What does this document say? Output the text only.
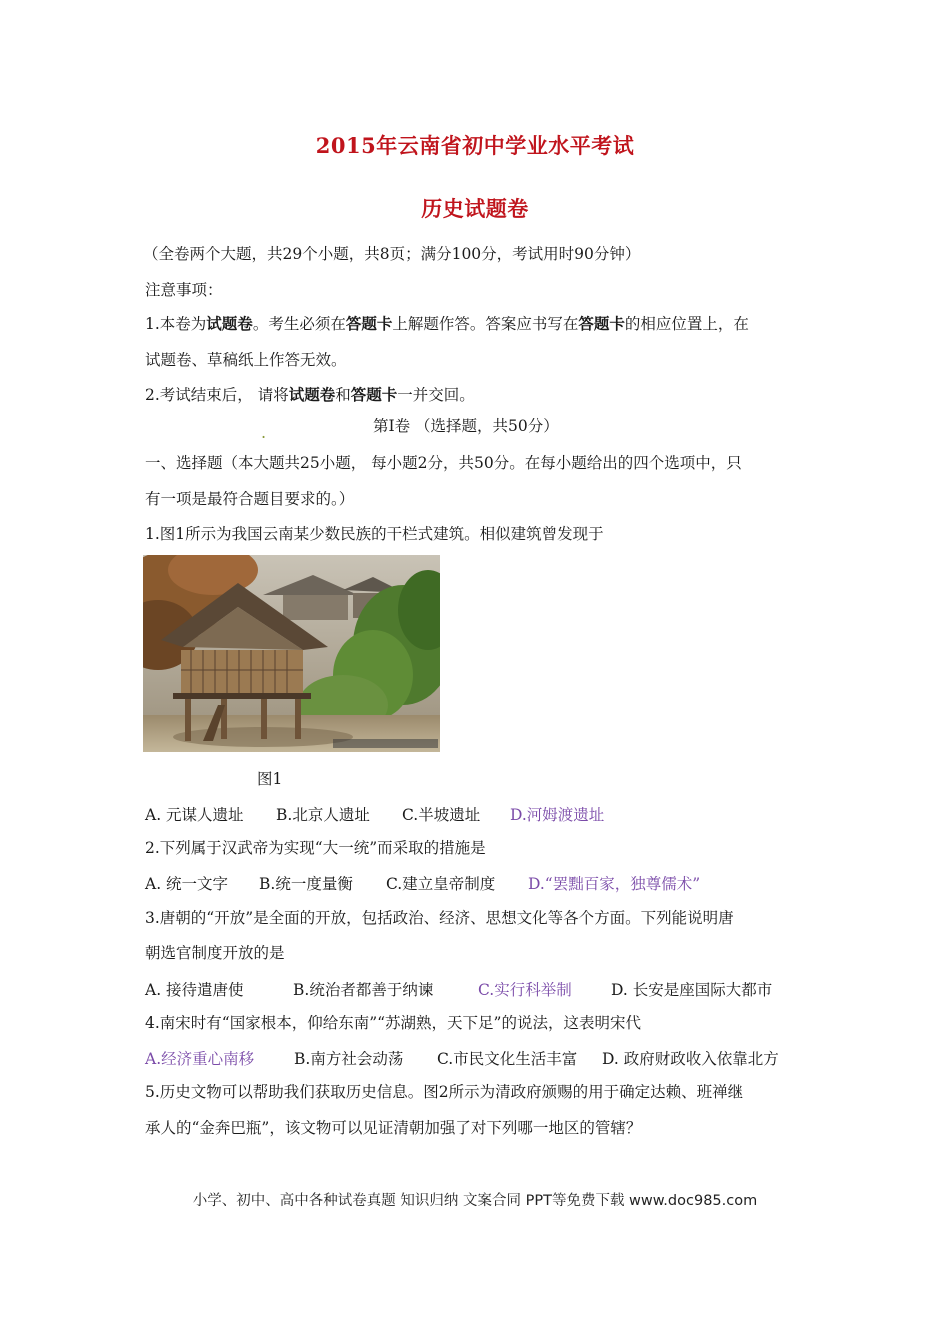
2015年云南省初中学业水平考试
历史试题卷
（全卷两个大题，共29个小题，共8页；满分100分，考试用时90分钟）
注意事项：
1.本卷为试题卷。考生必须在答题卡上解题作答。答案应书写在答题卡的相应位置上，在
试题卷、草稿纸上作答无效。
2.考试结束后， 请将试题卷和答题卡一并交回。
.	第Ⅰ卷 （选择题，共50分）
一、选择题（本大题共25小题， 每小题2分，共50分。在每小题给出的四个选项中，只
有一项是最符合题目要求的。）
1.图1所示为我国云南某少数民族的干栏式建筑。相似建筑曾发现于
图1
A. 元谋人遗址 B.北京人遗址 C.半坡遗址 D.河姆渡遗址
2.下列属于汉武帝为实现“大一统”而采取的措施是
A. 统一文字 B.统一度量衡 C.建立皇帝制度 D.“罢黜百家，独尊儒术”
3.唐朝的“开放”是全面的开放，包括政治、经济、思想文化等各个方面。下列能说明唐
朝选官制度开放的是
A. 接待遣唐使	B.统治者都善于纳谏	C.实行科举制	D. 长安是座国际大都市
4.南宋时有“国家根本，仰给东南”“苏湖熟，天下足”的说法，这表明宋代
A.经济重心南移	B.南方社会动荡 C.市民文化生活丰富 D. 政府财政收入依靠北方
5.历史文物可以帮助我们获取历史信息。图2所示为清政府颁赐的用于确定达赖、班禅继
承人的“金奔巴瓶”，该文物可以见证清朝加强了对下列哪一地区的管辖？
小学、初中、高中各种试卷真题 知识归纳 文案合同 PPT等免费下载 www.doc985.com
